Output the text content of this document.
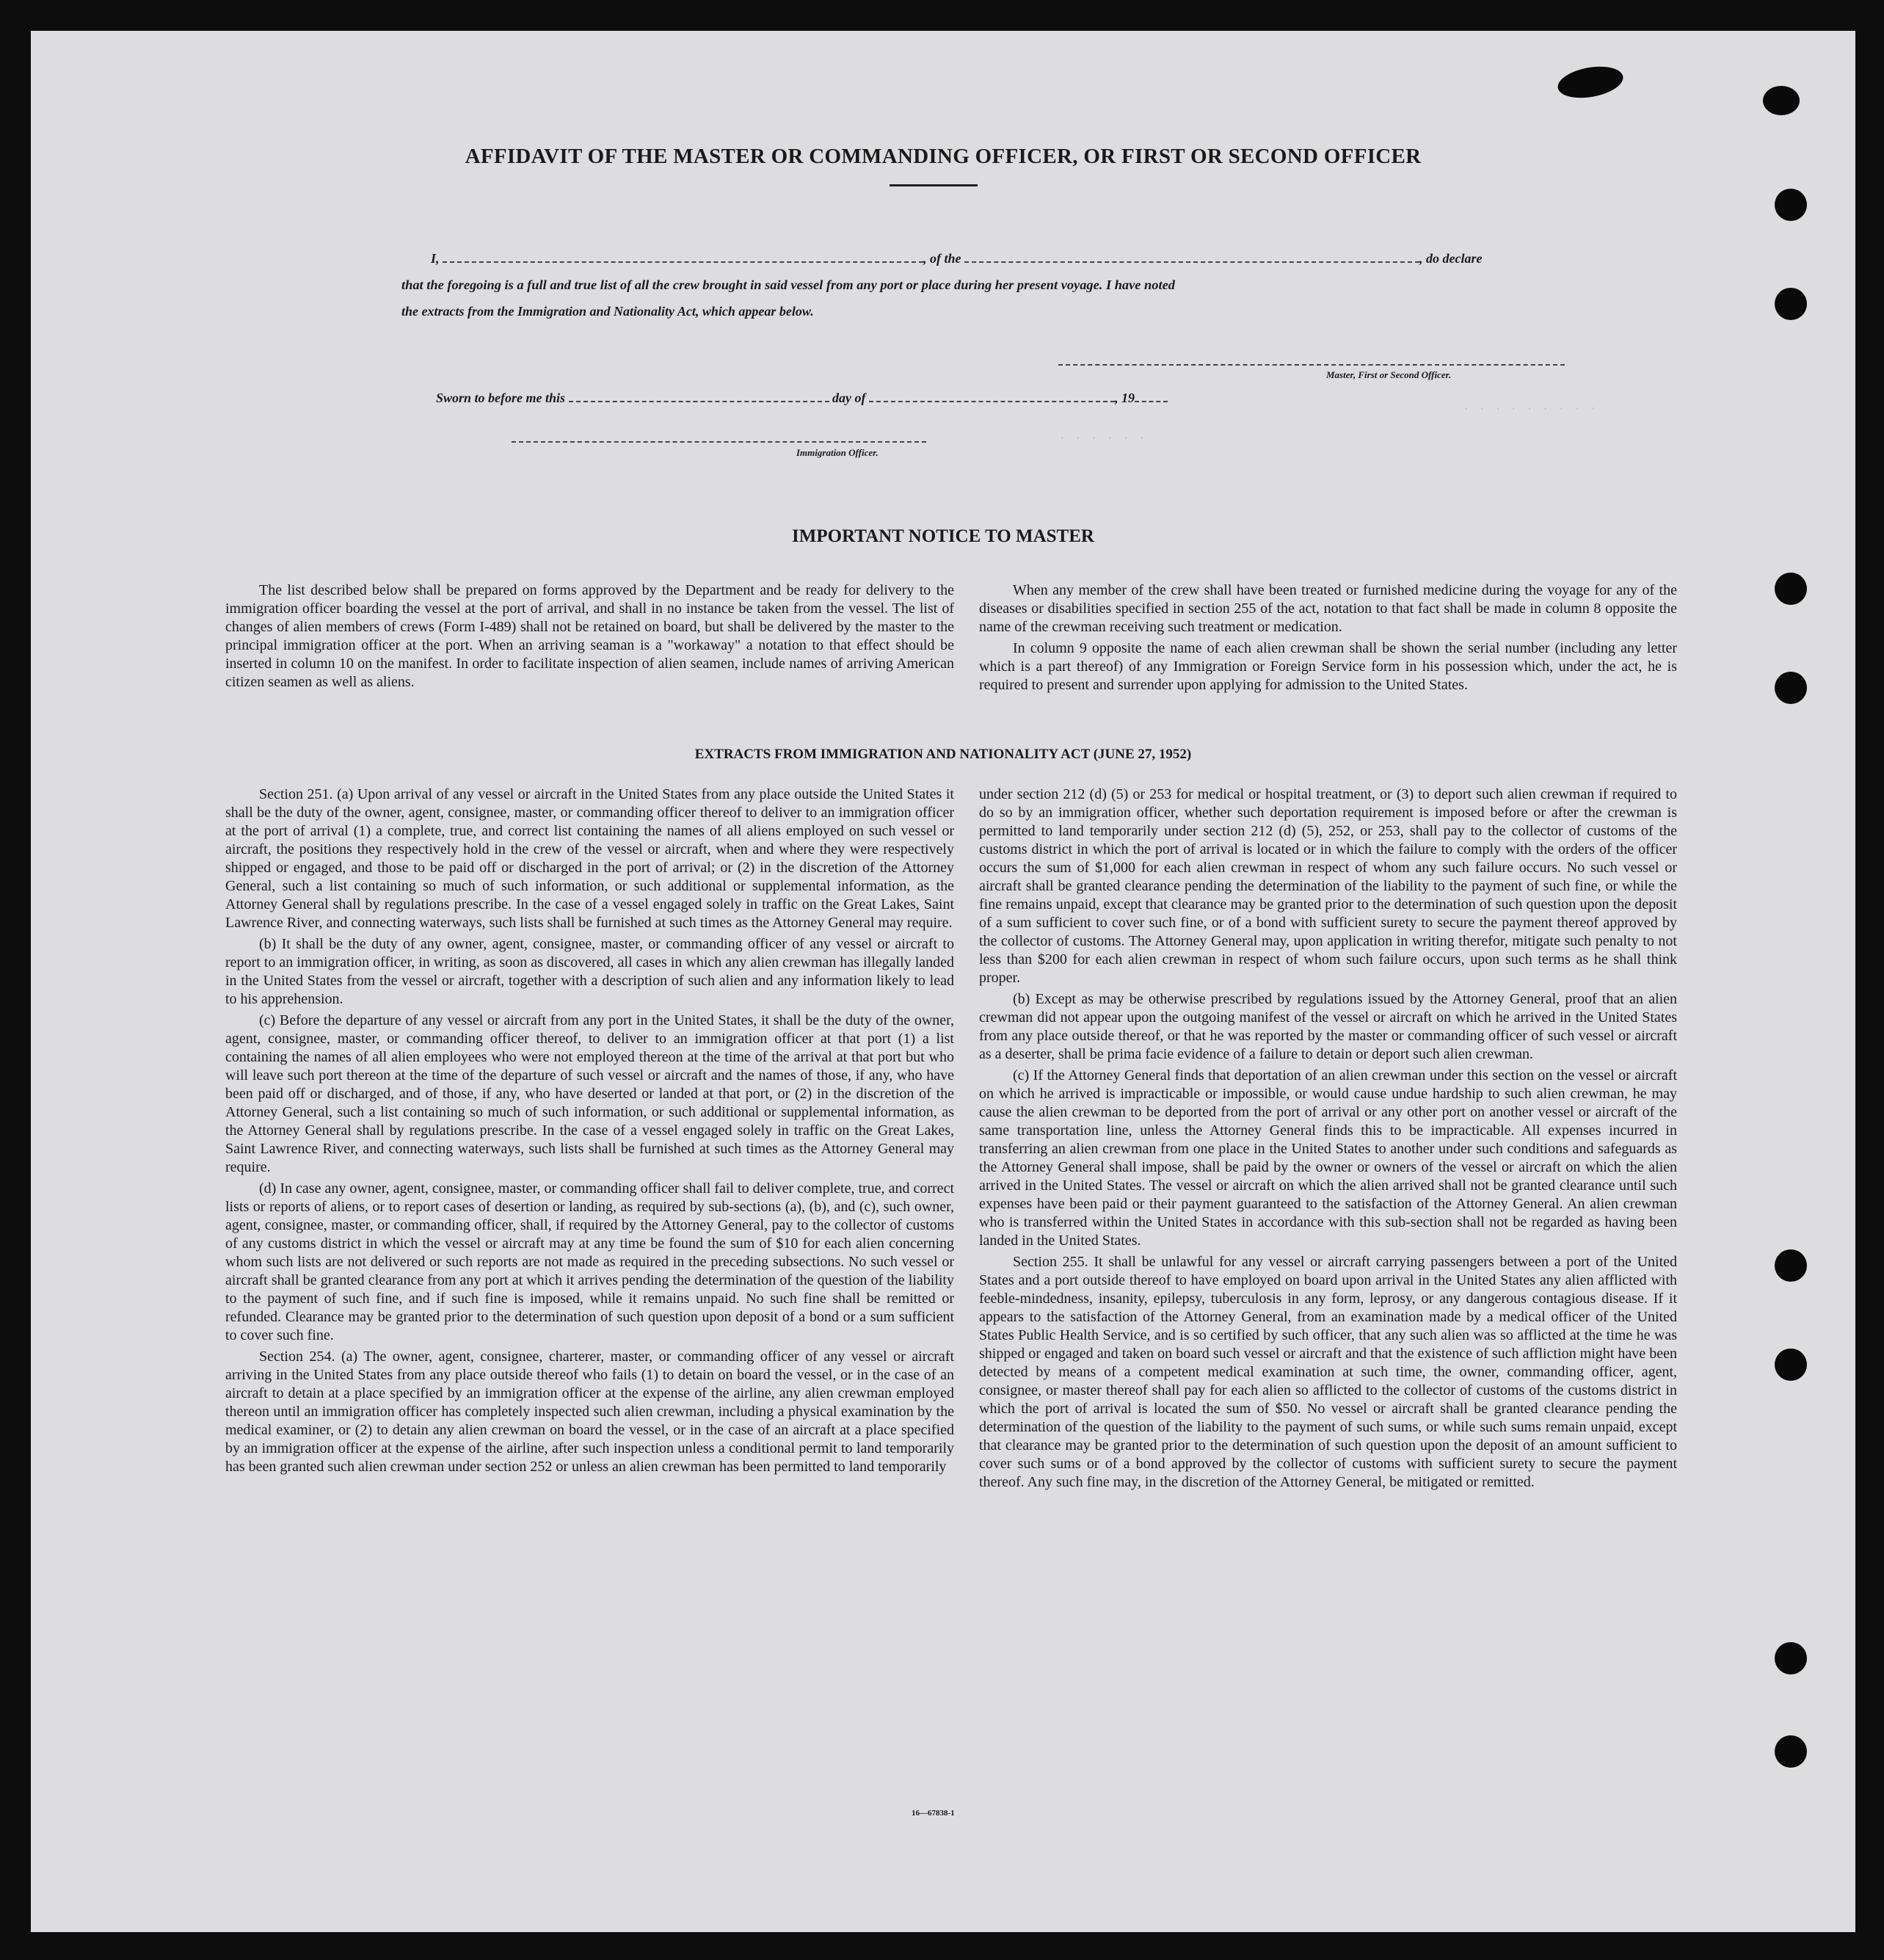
· · · · · · · · ·
· · · · · ·
AFFIDAVIT OF THE MASTER OR COMMANDING OFFICER, OR FIRST OR SECOND OFFICER
I,	, of the	, do declare
that the foregoing is a full and true list of all the crew brought in said vessel from any port or place during her present voyage. I have noted
the extracts from the Immigration and Nationality Act, which appear below.
Master, First or Second Officer.
Sworn to before me this	day of	, 19
Immigration Officer.
IMPORTANT NOTICE TO MASTER

The list described below shall be prepared on forms approved by the Department and be ready for delivery to the immigration officer boarding the vessel at the port of arrival, and shall in no instance be taken from the vessel. The list of changes of alien members of crews (Form I-489) shall not be retained on board, but shall be delivered by the master to the principal immigration officer at the port. When an arriving seaman is a "workaway" a notation to that effect should be inserted in column 10 on the manifest. In order to facilitate inspection of alien seamen, include names of arriving American citizen seamen as well as aliens.

When any member of the crew shall have been treated or furnished medicine during the voyage for any of the diseases or disabilities specified in section 255 of the act, notation to that fact shall be made in column 8 opposite the name of the crewman receiving such treatment or medication.

In column 9 opposite the name of each alien crewman shall be shown the serial number (including any letter which is a part thereof) of any Immigration or Foreign Service form in his possession which, under the act, he is required to present and surrender upon applying for admission to the United States.

EXTRACTS FROM IMMIGRATION AND NATIONALITY ACT (JUNE 27, 1952)

Section 251. (a) Upon arrival of any vessel or aircraft in the United States from any place outside the United States it shall be the duty of the owner, agent, consignee, master, or commanding officer thereof to deliver to an immigration officer at the port of arrival (1) a complete, true, and correct list containing the names of all aliens employed on such vessel or aircraft, the positions they respectively hold in the crew of the vessel or aircraft, when and where they were respectively shipped or engaged, and those to be paid off or discharged in the port of arrival; or (2) in the discretion of the Attorney General, such a list containing so much of such information, or such additional or supplemental information, as the Attorney General shall by regulations prescribe. In the case of a vessel engaged solely in traffic on the Great Lakes, Saint Lawrence River, and connecting waterways, such lists shall be furnished at such times as the Attorney General may require.

(b) It shall be the duty of any owner, agent, consignee, master, or commanding officer of any vessel or aircraft to report to an immigration officer, in writing, as soon as discovered, all cases in which any alien crewman has illegally landed in the United States from the vessel or aircraft, together with a description of such alien and any information likely to lead to his apprehension.

(c) Before the departure of any vessel or aircraft from any port in the United States, it shall be the duty of the owner, agent, consignee, master, or commanding officer thereof, to deliver to an immigration officer at that port (1) a list containing the names of all alien employees who were not employed thereon at the time of the arrival at that port but who will leave such port thereon at the time of the departure of such vessel or aircraft and the names of those, if any, who have been paid off or discharged, and of those, if any, who have deserted or landed at that port, or (2) in the discretion of the Attorney General, such a list containing so much of such information, or such additional or supplemental information, as the Attorney General shall by regulations prescribe. In the case of a vessel engaged solely in traffic on the Great Lakes, Saint Lawrence River, and connecting waterways, such lists shall be furnished at such times as the Attorney General may require.

(d) In case any owner, agent, consignee, master, or commanding officer shall fail to deliver complete, true, and correct lists or reports of aliens, or to report cases of desertion or landing, as required by sub-sections (a), (b), and (c), such owner, agent, consignee, master, or commanding officer, shall, if required by the Attorney General, pay to the collector of customs of any customs district in which the vessel or aircraft may at any time be found the sum of $10 for each alien concerning whom such lists are not delivered or such reports are not made as required in the preceding subsections. No such vessel or aircraft shall be granted clearance from any port at which it arrives pending the determination of the question of the liability to the payment of such fine, and if such fine is imposed, while it remains unpaid. No such fine shall be remitted or refunded. Clearance may be granted prior to the determination of such question upon deposit of a bond or a sum sufficient to cover such fine.

Section 254. (a) The owner, agent, consignee, charterer, master, or commanding officer of any vessel or aircraft arriving in the United States from any place outside thereof who fails (1) to detain on board the vessel, or in the case of an aircraft to detain at a place specified by an immigration officer at the expense of the airline, any alien crewman employed thereon until an immigration officer has completely inspected such alien crewman, including a physical examination by the medical examiner, or (2) to detain any alien crewman on board the vessel, or in the case of an aircraft at a place specified by an immigration officer at the expense of the airline, after such inspection unless a conditional permit to land temporarily has been granted such alien crewman under section 252 or unless an alien crewman has been permitted to land temporarily

under section 212 (d) (5) or 253 for medical or hospital treatment, or (3) to deport such alien crewman if required to do so by an immigration officer, whether such deportation requirement is imposed before or after the crewman is permitted to land temporarily under section 212 (d) (5), 252, or 253, shall pay to the collector of customs of the customs district in which the port of arrival is located or in which the failure to comply with the orders of the officer occurs the sum of $1,000 for each alien crewman in respect of whom any such failure occurs. No such vessel or aircraft shall be granted clearance pending the determination of the liability to the payment of such fine, or while the fine remains unpaid, except that clearance may be granted prior to the determination of such question upon the deposit of a sum sufficient to cover such fine, or of a bond with sufficient surety to secure the payment thereof approved by the collector of customs. The Attorney General may, upon application in writing therefor, mitigate such penalty to not less than $200 for each alien crewman in respect of whom such failure occurs, upon such terms as he shall think proper.

(b) Except as may be otherwise prescribed by regulations issued by the Attorney General, proof that an alien crewman did not appear upon the outgoing manifest of the vessel or aircraft on which he arrived in the United States from any place outside thereof, or that he was reported by the master or commanding officer of such vessel or aircraft as a deserter, shall be prima facie evidence of a failure to detain or deport such alien crewman.

(c) If the Attorney General finds that deportation of an alien crewman under this section on the vessel or aircraft on which he arrived is impracticable or impossible, or would cause undue hardship to such alien crewman, he may cause the alien crewman to be deported from the port of arrival or any other port on another vessel or aircraft of the same transportation line, unless the Attorney General finds this to be impracticable. All expenses incurred in transferring an alien crewman from one place in the United States to another under such conditions and safeguards as the Attorney General shall impose, shall be paid by the owner or owners of the vessel or aircraft on which the alien arrived in the United States. The vessel or aircraft on which the alien arrived shall not be granted clearance until such expenses have been paid or their payment guaranteed to the satisfaction of the Attorney General. An alien crewman who is transferred within the United States in accordance with this sub-section shall not be regarded as having been landed in the United States.

Section 255. It shall be unlawful for any vessel or aircraft carrying passengers between a port of the United States and a port outside thereof to have employed on board upon arrival in the United States any alien afflicted with feeble-mindedness, insanity, epilepsy, tuberculosis in any form, leprosy, or any dangerous contagious disease. If it appears to the satisfaction of the Attorney General, from an examination made by a medical officer of the United States Public Health Service, and is so certified by such officer, that any such alien was so afflicted at the time he was shipped or engaged and taken on board such vessel or aircraft and that the existence of such affliction might have been detected by means of a competent medical examination at such time, the owner, commanding officer, agent, consignee, or master thereof shall pay for each alien so afflicted to the collector of customs of the customs district in which the port of arrival is located the sum of $50. No vessel or aircraft shall be granted clearance pending the determination of the question of the liability to the payment of such sums, or while such sums remain unpaid, except that clearance may be granted prior to the determination of such question upon the deposit of an amount sufficient to cover such sums or of a bond approved by the collector of customs with sufficient surety to secure the payment thereof. Any such fine may, in the discretion of the Attorney General, be mitigated or remitted.

16—67838-1
